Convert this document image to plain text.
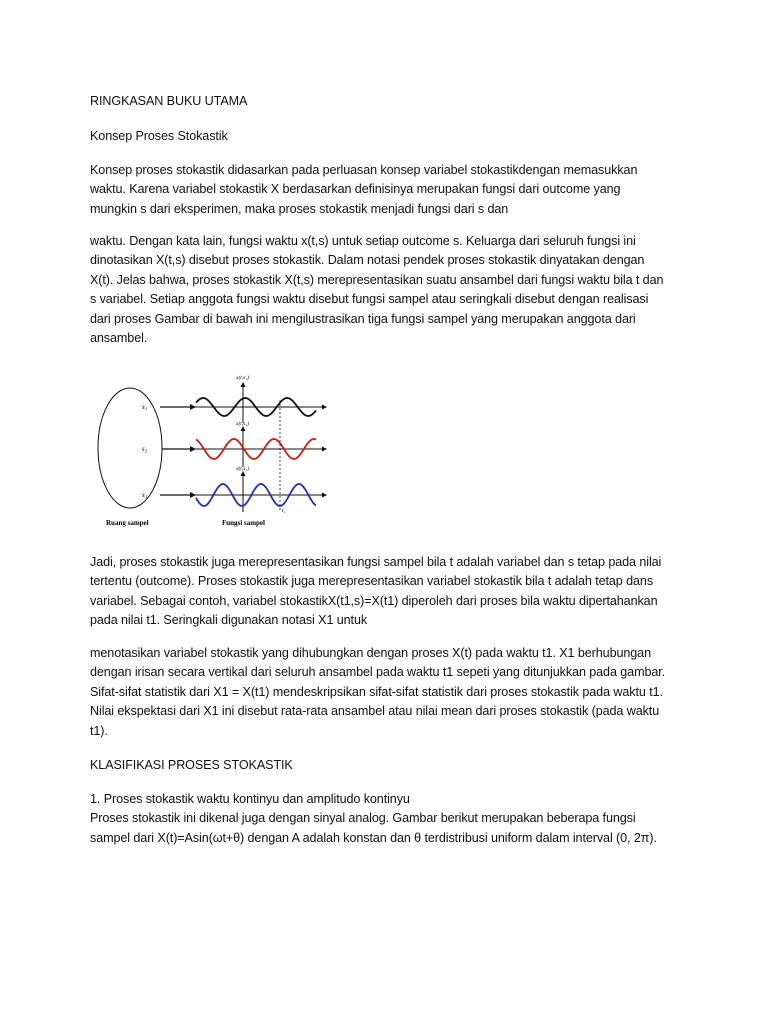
RINGKASAN BUKU UTAMA

Konsep Proses Stokastik

Konsep proses stokastik didasarkan pada perluasan konsep variabel stokastikdengan memasukkan
waktu. Karena variabel stokastik X berdasarkan definisinya merupakan fungsi dari outcome yang
mungkin s dari eksperimen, maka proses stokastik menjadi fungsi dari s dan
waktu. Dengan kata lain, fungsi waktu x(t,s) untuk setiap outcome s. Keluarga dari seluruh fungsi ini
dinotasikan X(t,s) disebut proses stokastik. Dalam notasi pendek proses stokastik dinyatakan dengan
X(t). Jelas bahwa, proses stokastik X(t,s) merepresentasikan suatu ansambel dari fungsi waktu bila t dan
s variabel. Setiap anggota fungsi waktu disebut fungsi sampel atau seringkali disebut dengan realisasi
dari proses Gambar di bawah ini mengilustrasikan tiga fungsi sampel yang merupakan anggota dari
ansambel.
s₁
s₂
s₃
x(t,s₁)
x(t,s₂)
x(t,s₃)
t₁
Ruang sampel	Fungsi sampel
Jadi, proses stokastik juga merepresentasikan fungsi sampel bila t adalah variabel dan s tetap pada nilai
tertentu (outcome). Proses stokastik juga merepresentasikan variabel stokastik bila t adalah tetap dans
variabel. Sebagai contoh, variabel stokastikX(t1,s)=X(t1) diperoleh dari proses bila waktu dipertahankan
pada nilai t1. Seringkali digunakan notasi X1 untuk
menotasikan variabel stokastik yang dihubungkan dengan proses X(t) pada waktu t1. X1 berhubungan
dengan irisan secara vertikal dari seluruh ansambel pada waktu t1 sepeti yang ditunjukkan pada gambar.
Sifat-sifat statistik dari X1 = X(t1) mendeskripsikan sifat-sifat statistik dari proses stokastik pada waktu t1.
Nilai ekspektasi dari X1 ini disebut rata-rata ansambel atau nilai mean dari proses stokastik (pada waktu
t1).

KLASIFIKASI PROSES STOKASTIK

1. Proses stokastik waktu kontinyu dan amplitudo kontinyu
Proses stokastik ini dikenal juga dengan sinyal analog. Gambar berikut merupakan beberapa fungsi
sampel dari X(t)=Asin(ωt+θ) dengan A adalah konstan dan θ terdistribusi uniform dalam interval (0, 2π).
